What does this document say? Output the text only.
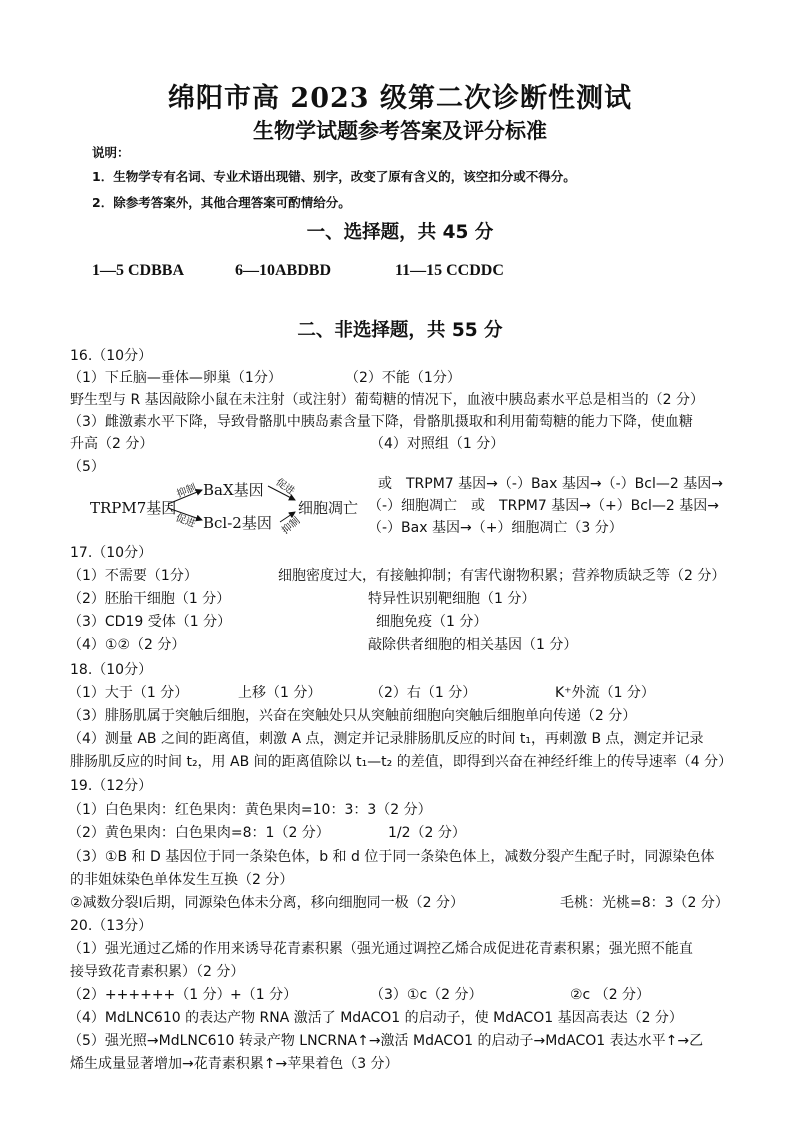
绵阳市高 2023 级第二次诊断性测试
生物学试题参考答案及评分标准
说明：
1．生物学专有名词、专业术语出现错、别字，改变了原有含义的，该空扣分或不得分。
2．除参考答案外，其他合理答案可酌情给分。
一、选择题，共 45 分
1—5 CDBBA	6—10ABDBD	11—15 CCDDC
二、非选择题，共 55 分
16.（10分）
（1）下丘脑—垂体—卵巢（1分）	（2）不能（1分）
野生型与 R 基因敲除小鼠在未注射（或注射）葡萄糖的情况下，血液中胰岛素水平总是相当的（2 分）
（3）雌激素水平下降，导致骨骼肌中胰岛素含量下降，骨骼肌摄取和利用葡萄糖的能力下降，使血糖
升高（2 分）	（4）对照组（1 分）
（5）
TRPM7基因
BaX基因
Bcl-2基因
细胞凋亡
抑制
促进
促进
抑制
或　TRPM7 基因→（-）Bax 基因→（-）Bcl—2 基因→
（-）细胞凋亡　或　TRPM7 基因→（+）Bcl—2 基因→
（-）Bax 基因→（+）细胞凋亡（3 分）
17.（10分）
（1）不需要（1分）	细胞密度过大，有接触抑制；有害代谢物积累；营养物质缺乏等（2 分）
（2）胚胎干细胞（1 分）	特异性识别靶细胞（1 分）
（3）CD19 受体（1 分）	细胞免疫（1 分）
（4）①②（2 分）	敲除供者细胞的相关基因（1 分）
18.（10分）
（1）大于（1 分）	上移（1 分）	（2）右（1 分）	K⁺外流（1 分）
（3）腓肠肌属于突触后细胞，兴奋在突触处只从突触前细胞向突触后细胞单向传递（2 分）
（4）测量 AB 之间的距离值，刺激 A 点，测定并记录腓肠肌反应的时间 t₁，再刺激 B 点，测定并记录
腓肠肌反应的时间 t₂，用 AB 间的距离值除以 t₁—t₂ 的差值，即得到兴奋在神经纤维上的传导速率（4 分）
19.（12分）
（1）白色果肉：红色果肉：黄色果肉=10：3：3（2 分）
（2）黄色果肉：白色果肉=8：1（2 分）	1/2（2 分）
（3）①B 和 D 基因位于同一条染色体，b 和 d 位于同一条染色体上，减数分裂产生配子时，同源染色体
的非姐妹染色单体发生互换（2 分）
②减数分裂Ⅰ后期，同源染色体未分离，移向细胞同一极（2 分）	毛桃：光桃=8：3（2 分）
20.（13分）
（1）强光通过乙烯的作用来诱导花青素积累（强光通过调控乙烯合成促进花青素积累；强光照不能直
接导致花青素积累）（2 分）
（2）++++++（1 分） +（1 分）	（3）①c（2 分）	②c （2 分）
（4）MdLNC610 的表达产物 RNA 激活了 MdACO1 的启动子，使 MdACO1 基因高表达（2 分）
（5）强光照→MdLNC610 转录产物 LNCRNA↑→激活 MdACO1 的启动子→MdACO1 表达水平↑→乙
烯生成量显著增加→花青素积累↑→苹果着色（3 分）
